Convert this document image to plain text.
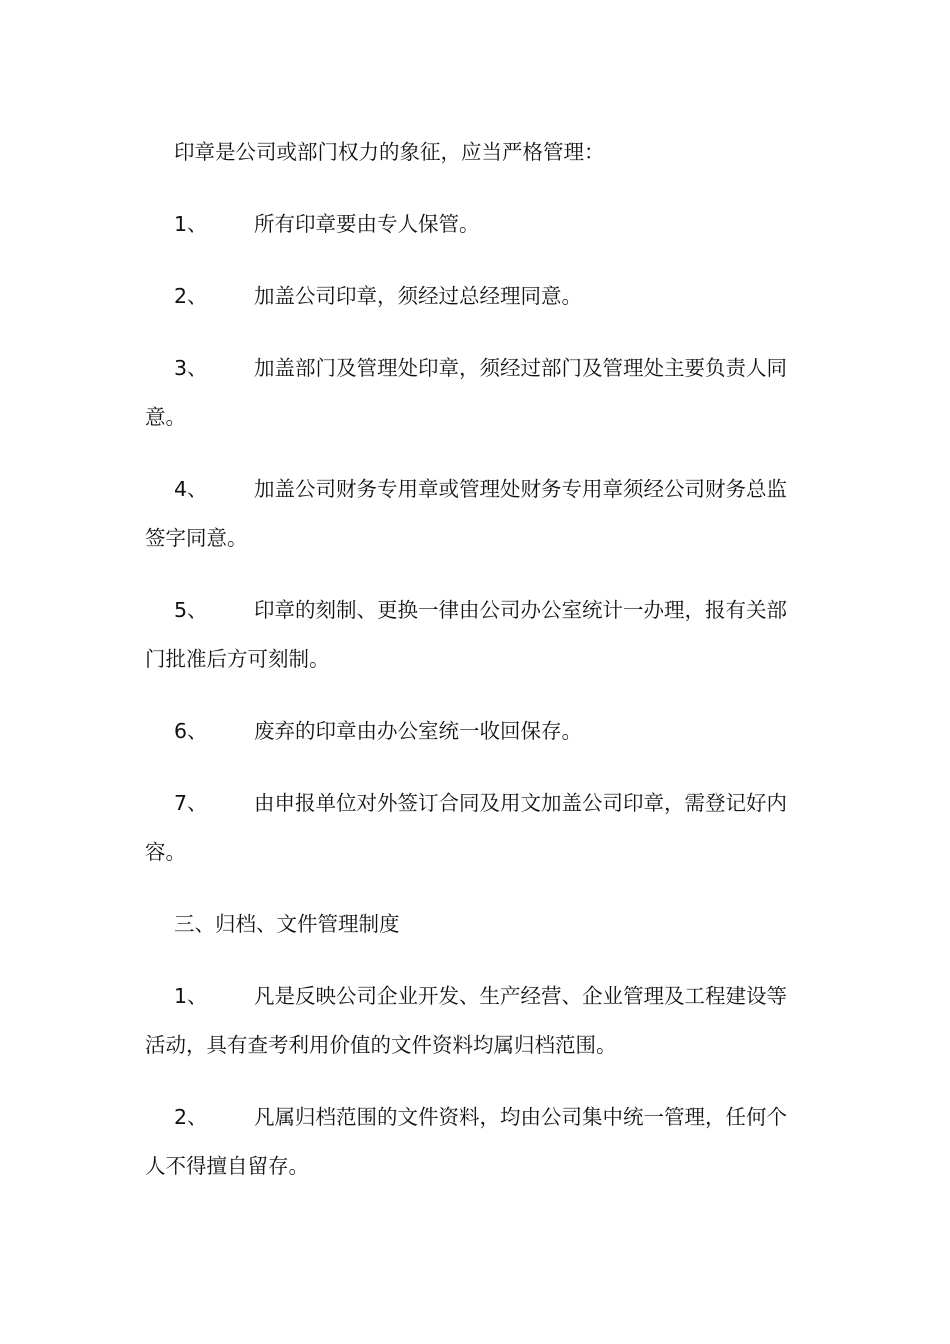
印章是公司或部门权力的象征，应当严格管理：

1、 所有印章要由专人保管。

2、 加盖公司印章，须经过总经理同意。

3、 加盖部门及管理处印章，须经过部门及管理处主要负责人同意。

4、 加盖公司财务专用章或管理处财务专用章须经公司财务总监签字同意。

5、 印章的刻制、更换一律由公司办公室统计一办理，报有关部门批准后方可刻制。

6、 废弃的印章由办公室统一收回保存。

7、 由申报单位对外签订合同及用文加盖公司印章，需登记好内容。

三、归档、文件管理制度

1、 凡是反映公司企业开发、生产经营、企业管理及工程建设等活动，具有查考利用价值的文件资料均属归档范围。

2、 凡属归档范围的文件资料，均由公司集中统一管理，任何个人不得擅自留存。
